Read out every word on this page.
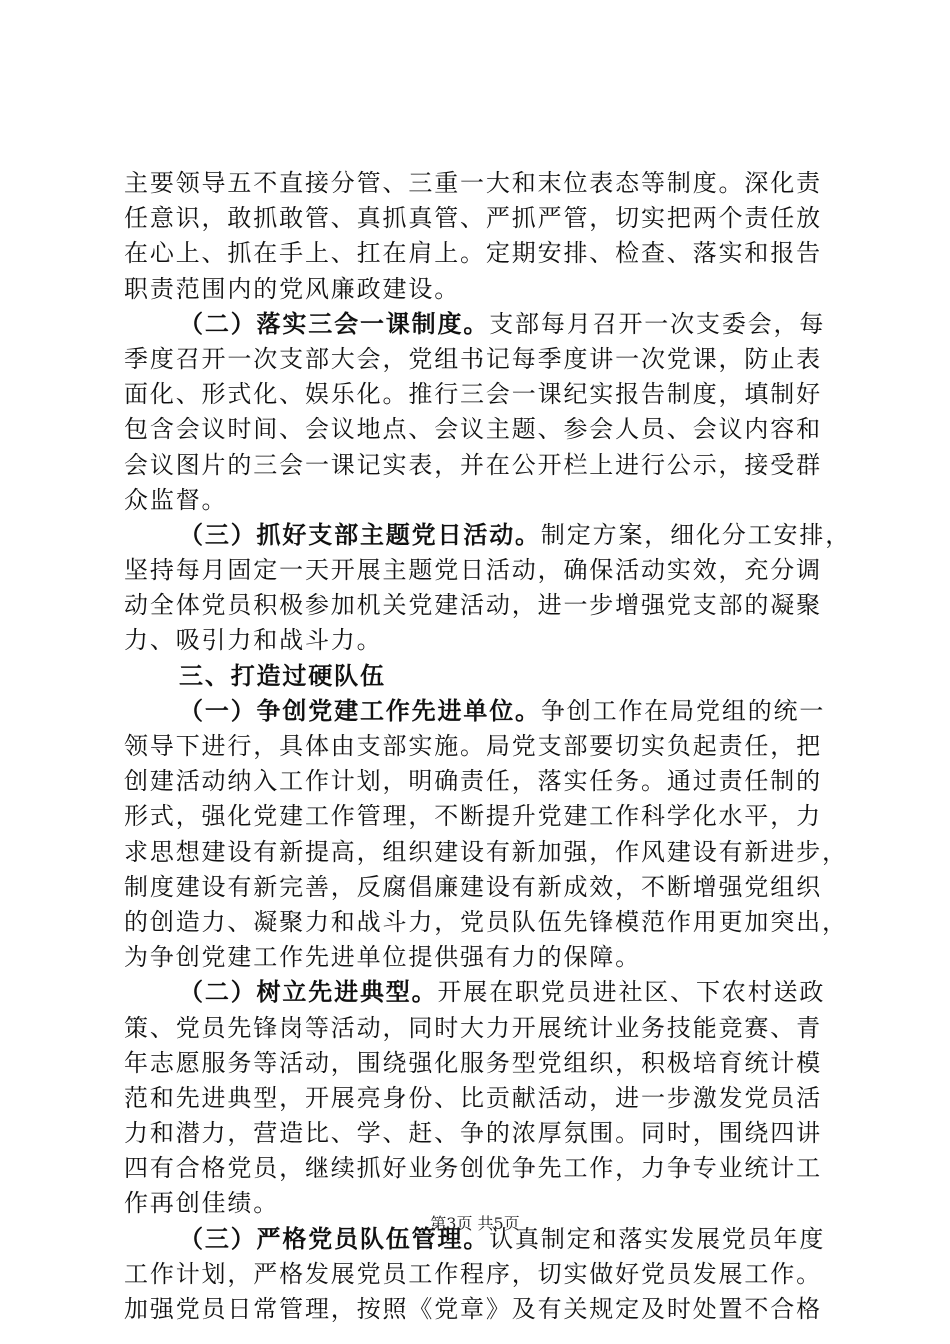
主要领导五不直接分管、三重一大和末位表态等制度。深化责
任意识，敢抓敢管、真抓真管、严抓严管，切实把两个责任放
在心上、抓在手上、扛在肩上。定期安排、检查、落实和报告
职责范围内的党风廉政建设。
（二）落实三会一课制度。支部每月召开一次支委会，每
季度召开一次支部大会，党组书记每季度讲一次党课，防止表
面化、形式化、娱乐化。推行三会一课纪实报告制度，填制好
包含会议时间、会议地点、会议主题、参会人员、会议内容和
会议图片的三会一课记实表，并在公开栏上进行公示，接受群
众监督。
（三）抓好支部主题党日活动。制定方案，细化分工安排，
坚持每月固定一天开展主题党日活动，确保活动实效，充分调
动全体党员积极参加机关党建活动，进一步增强党支部的凝聚
力、吸引力和战斗力。
三、打造过硬队伍
（一）争创党建工作先进单位。争创工作在局党组的统一
领导下进行，具体由支部实施。局党支部要切实负起责任，把
创建活动纳入工作计划，明确责任，落实任务。通过责任制的
形式，强化党建工作管理，不断提升党建工作科学化水平，力
求思想建设有新提高，组织建设有新加强，作风建设有新进步，
制度建设有新完善，反腐倡廉建设有新成效，不断增强党组织
的创造力、凝聚力和战斗力，党员队伍先锋模范作用更加突出，
为争创党建工作先进单位提供强有力的保障。
（二）树立先进典型。开展在职党员进社区、下农村送政
策、党员先锋岗等活动，同时大力开展统计业务技能竞赛、青
年志愿服务等活动，围绕强化服务型党组织，积极培育统计模
范和先进典型，开展亮身份、比贡献活动，进一步激发党员活
力和潜力，营造比、学、赶、争的浓厚氛围。同时，围绕四讲
四有合格党员，继续抓好业务创优争先工作，力争专业统计工
作再创佳绩。
（三）严格党员队伍管理。认真制定和落实发展党员年度
工作计划，严格发展党员工作程序，切实做好党员发展工作。
加强党员日常管理，按照《党章》及有关规定及时处置不合格
第3页 共5页
